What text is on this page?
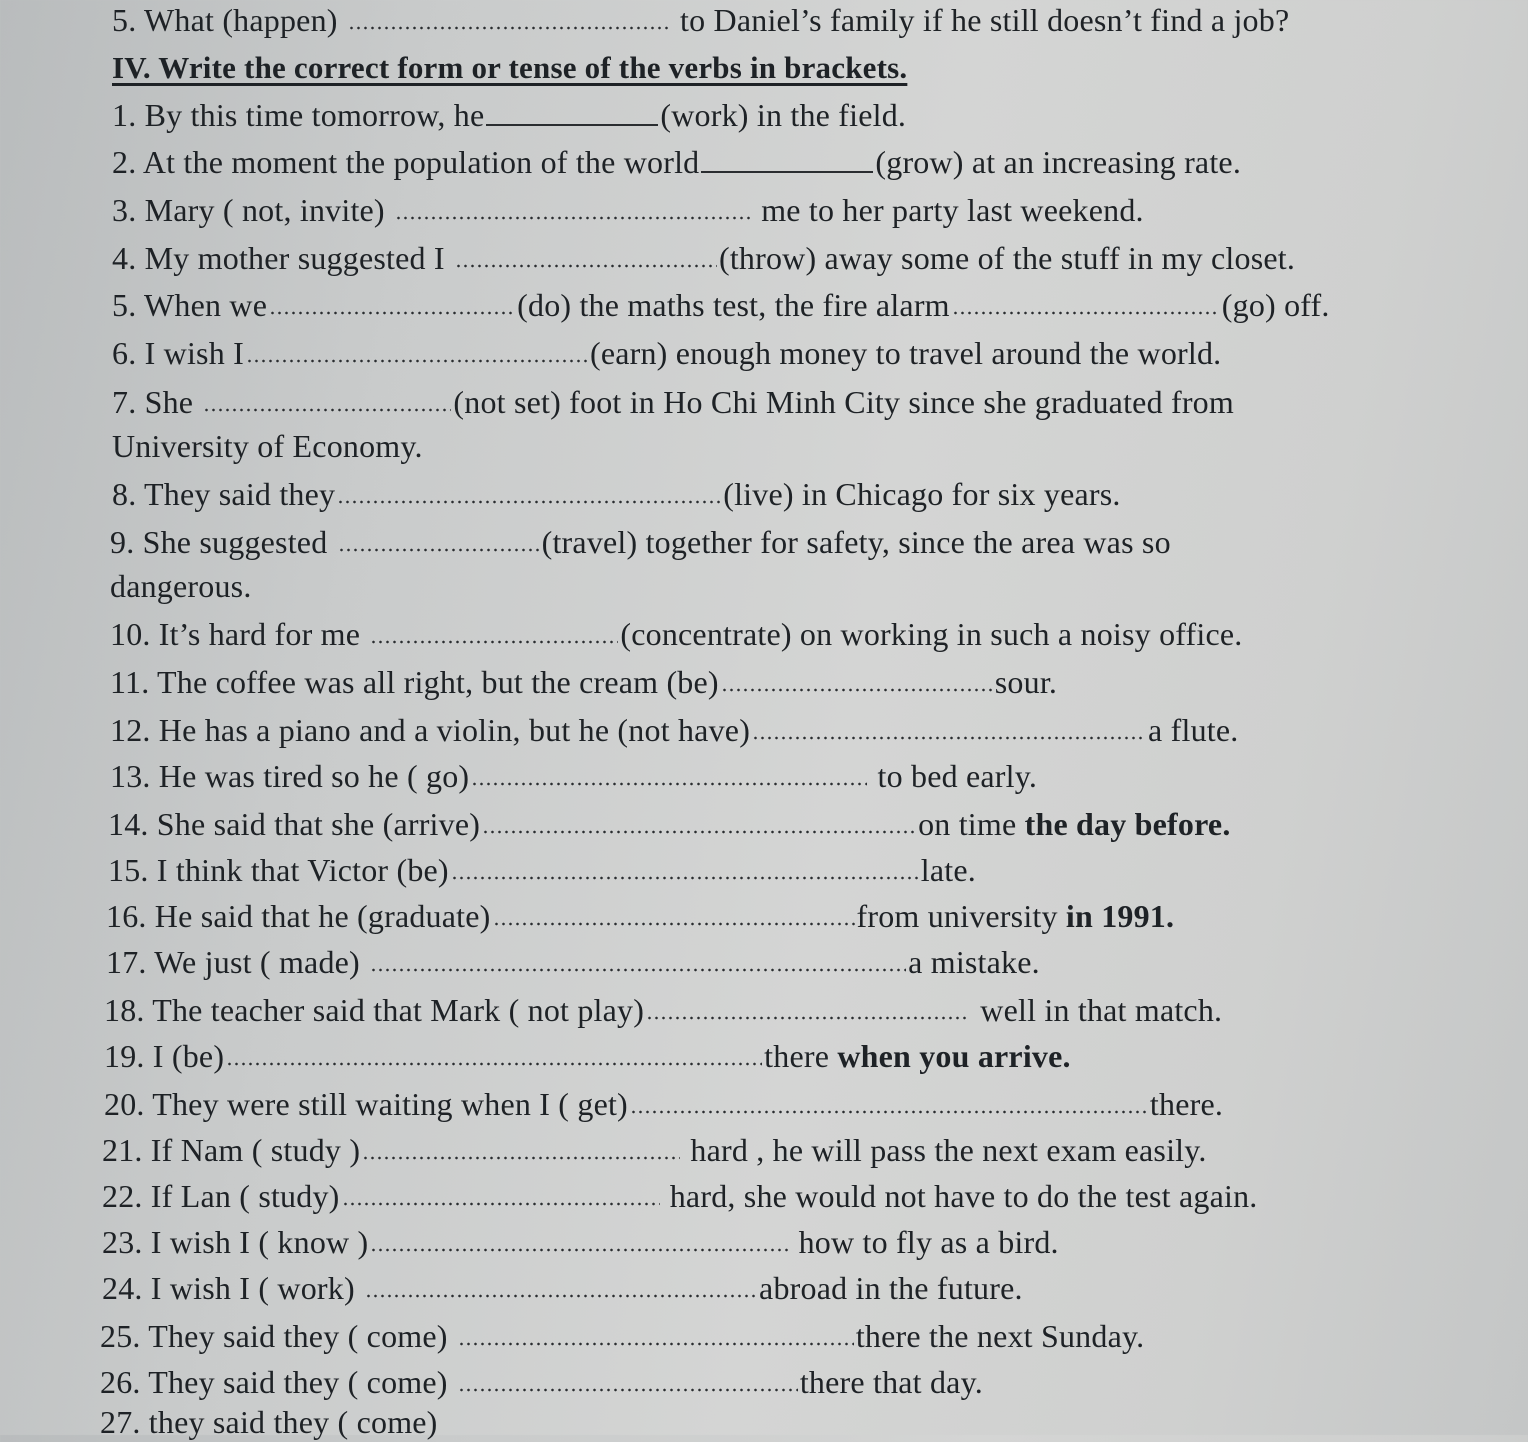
5. What (happen)	to Daniel’s family if he still doesn’t find a job?
IV. Write the correct form or tense of the verbs in brackets.
1. By this time tomorrow, he	(work) in the field.
2. At the moment the population of the world	(grow) at an increasing rate.
3. Mary ( not, invite)	me to her party last weekend.
4. My mother suggested I	(throw) away some of the stuff in my closet.
5. When we	(do) the maths test, the fire alarm	(go) off.
6. I wish I	(earn) enough money to travel around the world.
7. She	(not set) foot in Ho Chi Minh City since she graduated from
University of Economy.
8. They said they	(live) in Chicago for six years.
9. She suggested	(travel) together for safety, since the area was so
dangerous.
10. It’s hard for me	(concentrate) on working in such a noisy office.
11. The coffee was all right, but the cream (be)	sour.
12. He has a piano and a violin, but he (not have)	a flute.
13. He was tired so he ( go)	to bed early.
14. She said that she (arrive)	on time the day before.
15. I think that Victor (be)	late.
16. He said that he (graduate)	from university in 1991.
17. We just ( made)	a mistake.
18. The teacher said that Mark ( not play)	well in that match.
19. I (be)	there when you arrive.
20. They were still waiting when I ( get)	there.
21. If Nam ( study )	hard , he will pass the next exam easily.
22. If Lan ( study)	hard, she would not have to do the test again.
23. I wish I ( know )	how to fly as a bird.
24. I wish I ( work)	abroad in the future.
25. They said they ( come)	there the next Sunday.
26. They said they ( come)	there that day.
27. they said they ( come)
